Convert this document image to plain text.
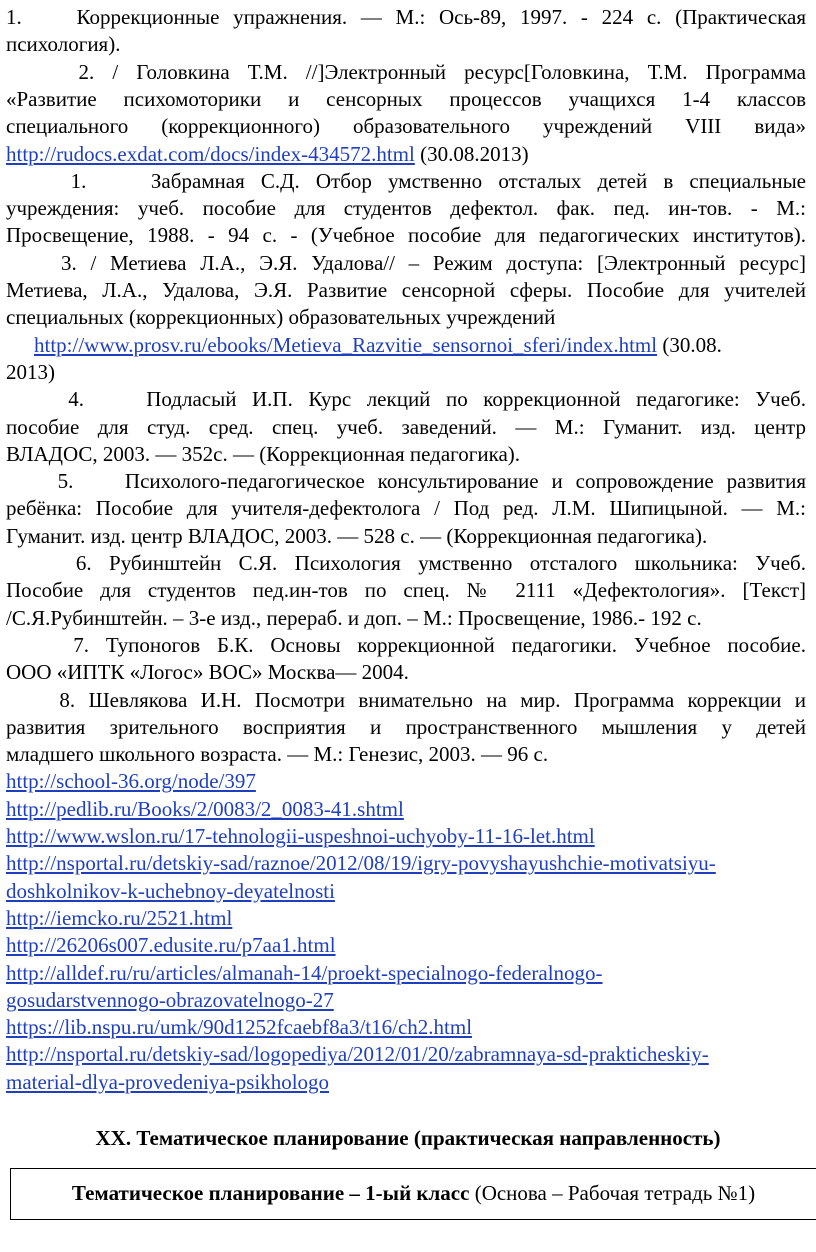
1.    Коррекционные упражнения. — М.: Ось-89, 1997. - 224 с. (Практическая
психология).
2. / Головкина Т.М. //]Электронный ресурс[Головкина, Т.М. Программа
«Развитие психомоторики и сенсорных процессов учащихся 1-4 классов
специального (коррекционного) образовательного учреждений VIII вида»
http://rudocs.exdat.com/docs/index-434572.html (30.08.2013)
1.    Забрамная С.Д. Отбор умственно отсталых детей в специальные
учреждения: учеб. пособие для студентов дефектол. фак. пед. ин-тов. - М.:
Просвещение, 1988. - 94 с. - (Учебное пособие для педагогических институтов).
3. / Метиева Л.А., Э.Я. Удалова// – Режим доступа: [Электронный ресурс]
Метиева, Л.А., Удалова, Э.Я. Развитие сенсорной сферы. Пособие для учителей
специальных (коррекционных) образовательных учреждений
http://www.prosv.ru/ebooks/Metieva_Razvitie_sensornoi_sferi/index.html (30.08.
2013)
4.    Подласый И.П. Курс лекций по коррекционной педагогике: Учеб.
пособие для студ. сред. спец. учеб. заведений. — М.: Гуманит. изд. центр
ВЛАДОС, 2003. — 352с. — (Коррекционная педагогика).
5.    Психолого-педагогическое консультирование и сопровождение развития
ребёнка: Пособие для учителя-дефектолога / Под ред. Л.М. Шипицыной. — М.:
Гуманит. изд. центр ВЛАДОС, 2003. — 528 с. — (Коррекционная педагогика).
6. Рубинштейн С.Я. Психология умственно отсталого школьника: Учеб.
Пособие для студентов пед.ин-тов по спец. № 2111 «Дефектология». [Текст]
/С.Я.Рубинштейн. – 3-е изд., перераб. и доп. – М.: Просвещение, 1986.- 192 с.
7. Тупоногов Б.К. Основы коррекционной педагогики. Учебное пособие.
ООО «ИПТК «Логос» ВОС» Москва— 2004.
8. Шевлякова И.Н. Посмотри внимательно на мир. Программа коррекции и
развития зрительного восприятия и пространственного мышления у детей
младшего школьного возраста. — М.: Генезис, 2003. — 96 с.
http://school-36.org/node/397
http://pedlib.ru/Books/2/0083/2_0083-41.shtml
http://www.wslon.ru/17-tehnologii-uspeshnoi-uchyoby-11-16-let.html
http://nsportal.ru/detskiy-sad/raznoe/2012/08/19/igry-povyshayushchie-motivatsiyu-
doshkolnikov-k-uchebnoy-deyatelnosti
http://iemcko.ru/2521.html
http://26206s007.edusite.ru/p7aa1.html
http://alldef.ru/ru/articles/almanah-14/proekt-specialnogo-federalnogo-
gosudarstvennogo-obrazovatelnogo-27
https://lib.nspu.ru/umk/90d1252fcaebf8a3/t16/ch2.html
http://nsportal.ru/detskiy-sad/logopediya/2012/01/20/zabramnaya-sd-prakticheskiy-
material-dlya-provedeniya-psikhologo
XX. Тематическое планирование (практическая направленность)
Тематическое планирование – 1-ый класс (Основа – Рабочая тетрадь №1)
